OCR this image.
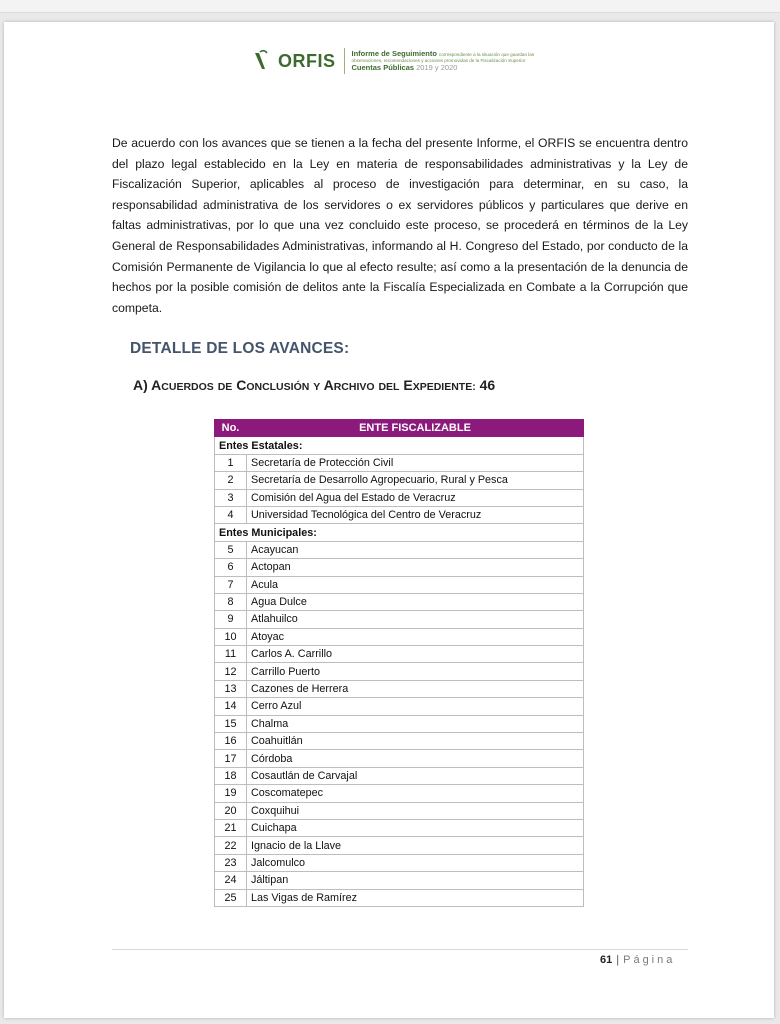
ORFIS Informe de Seguimiento correspondiente a la situación que guardan las
observaciones, recomendaciones y acciones promovidas de la Fiscalización Superior
Cuentas Públicas 2019 y 2020
De acuerdo con los avances que se tienen a la fecha del presente Informe, el ORFIS se encuentra dentro del plazo legal establecido en la Ley en materia de responsabilidades administrativas y la Ley de Fiscalización Superior, aplicables al proceso de investigación para determinar, en su caso, la responsabilidad administrativa de los servidores o ex servidores públicos y particulares que derive en faltas administrativas, por lo que una vez concluido este proceso, se procederá en términos de la Ley General de Responsabilidades Administrativas, informando al H. Congreso del Estado, por conducto de la Comisión Permanente de Vigilancia lo que al efecto resulte; así como a la presentación de la denuncia de hechos por la posible comisión de delitos ante la Fiscalía Especializada en Combate a la Corrupción que competa.
DETALLE DE LOS AVANCES:
A) ACUERDOS DE CONCLUSIÓN Y ARCHIVO DEL EXPEDIENTE: 46
No.	ENTE FISCALIZABLE
Entes Estatales:	
1	Secretaría de Protección Civil
2	Secretaría de Desarrollo Agropecuario, Rural y Pesca
3	Comisión del Agua del Estado de Veracruz
4	Universidad Tecnológica del Centro de Veracruz
Entes Municipales:	
5	Acayucan
6	Actopan
7	Acula
8	Agua Dulce
9	Atlahuilco
10	Atoyac
11	Carlos A. Carrillo
12	Carrillo Puerto
13	Cazones de Herrera
14	Cerro Azul
15	Chalma
16	Coahuitlán
17	Córdoba
18	Cosautlán de Carvajal
19	Coscomatepec
20	Coxquihui
21	Cuichapa
22	Ignacio de la Llave
23	Jalcomulco
24	Jáltipan
25	Las Vigas de Ramírez
61 | Página
